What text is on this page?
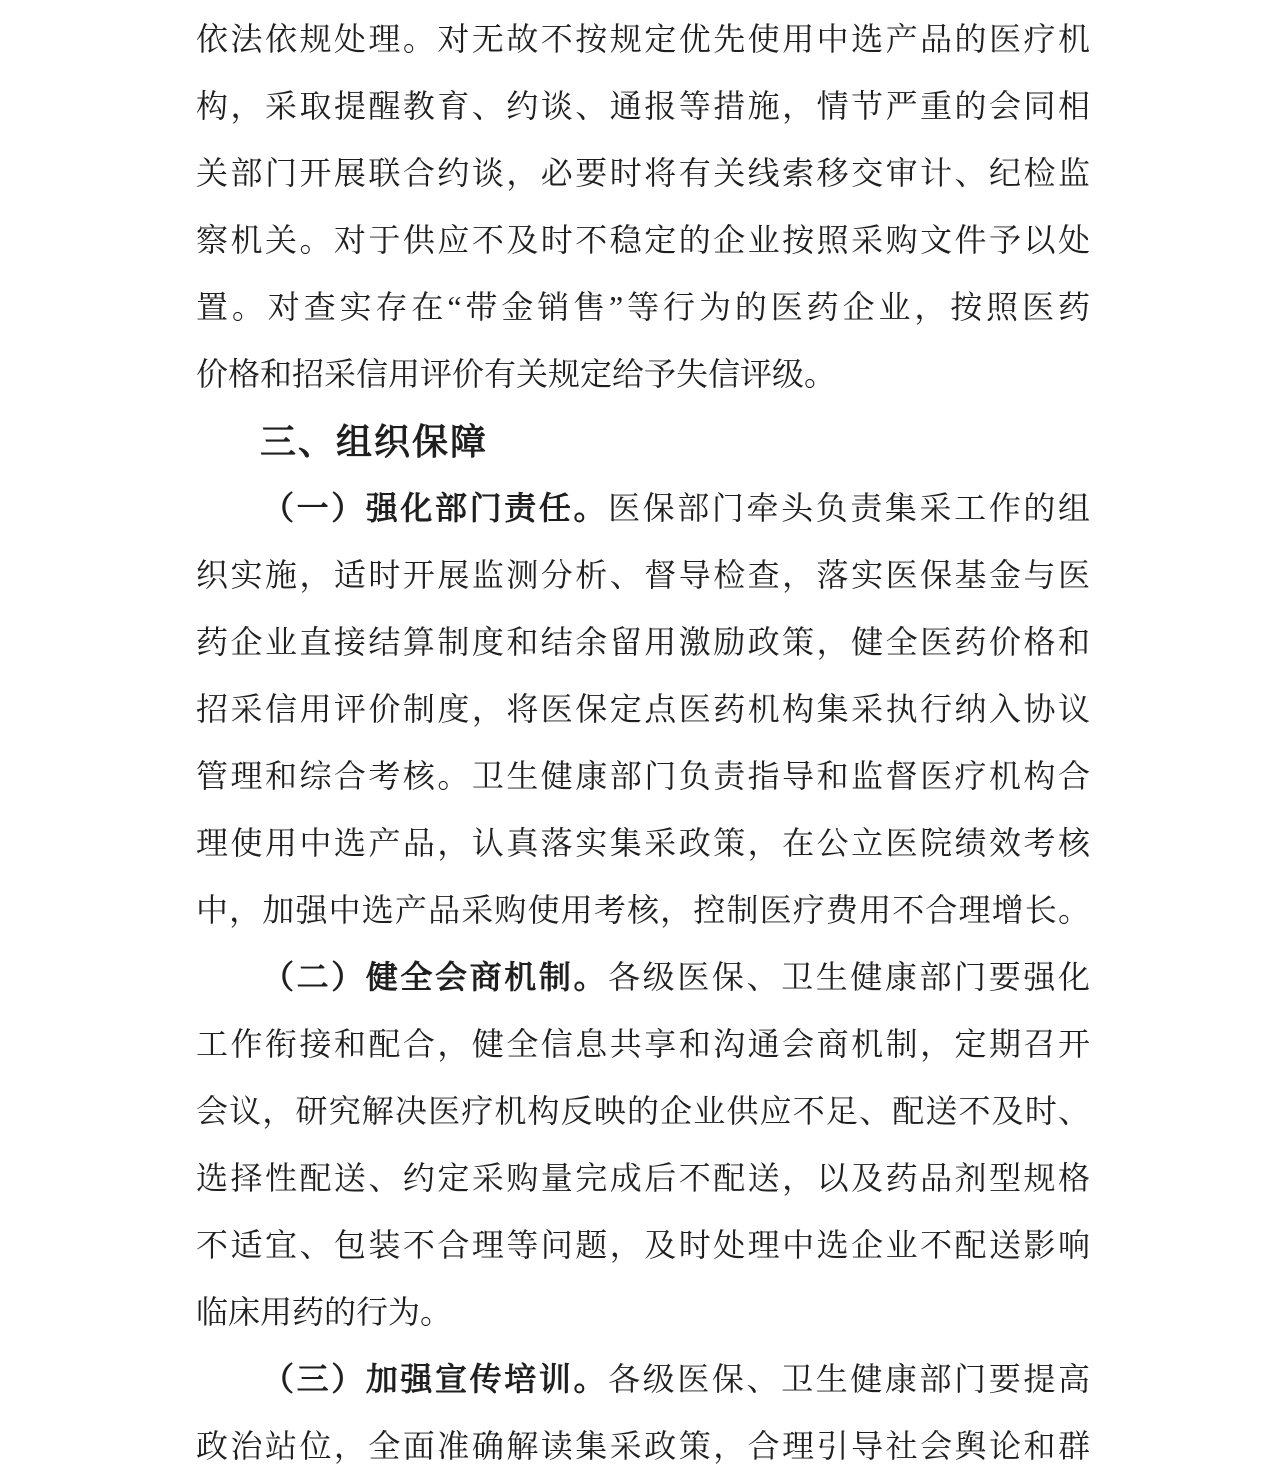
依法依规处理。对无故不按规定优先使用中选产品的医疗机
构，采取提醒教育、约谈、通报等措施，情节严重的会同相
关部门开展联合约谈，必要时将有关线索移交审计、纪检监
察机关。对于供应不及时不稳定的企业按照采购文件予以处
置。对查实存在“带金销售”等行为的医药企业，按照医药
价格和招采信用评价有关规定给予失信评级。
三、组织保障
（一）强化部门责任。医保部门牵头负责集采工作的组
织实施，适时开展监测分析、督导检查，落实医保基金与医
药企业直接结算制度和结余留用激励政策，健全医药价格和
招采信用评价制度，将医保定点医药机构集采执行纳入协议
管理和综合考核。卫生健康部门负责指导和监督医疗机构合
理使用中选产品，认真落实集采政策，在公立医院绩效考核
中，加强中选产品采购使用考核，控制医疗费用不合理增长。
（二）健全会商机制。各级医保、卫生健康部门要强化
工作衔接和配合，健全信息共享和沟通会商机制，定期召开
会议，研究解决医疗机构反映的企业供应不足、配送不及时、
选择性配送、约定采购量完成后不配送，以及药品剂型规格
不适宜、包装不合理等问题，及时处理中选企业不配送影响
临床用药的行为。
（三）加强宣传培训。各级医保、卫生健康部门要提高
政治站位，全面准确解读集采政策，合理引导社会舆论和群
